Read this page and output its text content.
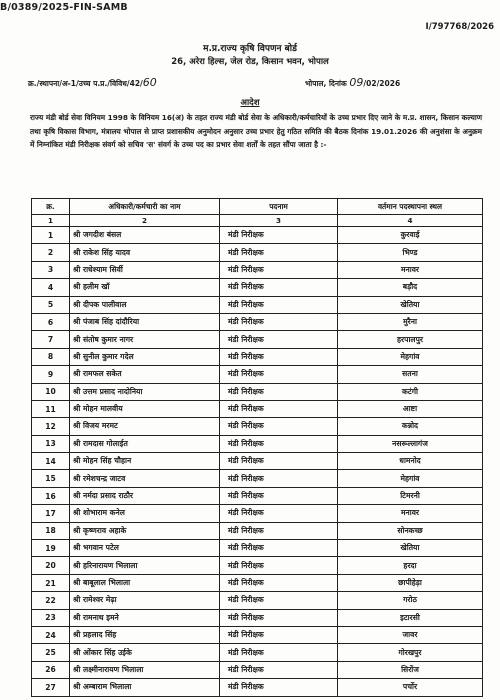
B/0389/2025-FIN-SAMB
I/797768/2026
म.प्र.राज्य कृषि विपणन बोर्ड
26, अरेरा हिल्स, जेल रोड, किसान भवन, भोपाल
क्र./स्थापना/अ-1/उच्च प.प्र./विविध/42/60	भोपाल, दिनांक 09/02/2026
आदेश
राज्य मंडी बोर्ड सेवा विनियम 1998 के विनियम 16(अ) के तहत राज्य मंडी बोर्ड सेवा के अधिकारी/कर्मचारियों के उच्च प्रभार दिए जाने के म.प्र. शासन, किसान कल्याण तथा कृषि विकास विभाग, मंत्रालय भोपाल से प्राप्त प्रशासकीय अनुमोदन अनुसार उच्च प्रभार हेतु गठित समिति की बैठक दिनांक 19.01.2026 की अनुशंसा के अनुक्रम में निम्नांकित मंडी निरीक्षक संवर्ग को सचिव 'स' संवर्ग के उच्च पद का प्रभार सेवा शर्तों के तहत सौंपा जाता है :-
क्र.	अधिकारी/कर्मचारी का नाम	पदनाम	वर्तमान पदस्थापना स्थल
1	2	3	4
1	श्री जगदीश बंसल	मंडी निरीक्षक	कुरवाई
2	श्री राकेश सिंह यादव	मंडी निरीक्षक	भिण्ड
3	श्री राधेश्याम सिर्वी	मंडी निरीक्षक	मनावर
4	श्री हलीम खॉ	मंडी निरीक्षक	बड़ौद
5	श्री दीपक पालीवाल	मंडी निरीक्षक	खेतिया
6	श्री पंजाब सिंह दांदौरिया	मंडी निरीक्षक	मुरैना
7	श्री संतोष कुमार नागर	मंडी निरीक्षक	हरपालपुर
8	श्री सुनील कुमार गदेल	मंडी निरीक्षक	मेहगांव
9	श्री रामफल सकेत	मंडी निरीक्षक	सतना
10	श्री उत्तम प्रसाद नादोनिया	मंडी निरीक्षक	कटंगी
11	श्री मोहन मालवीय	मंडी निरीक्षक	आष्टा
12	श्री विजय मरमट	मंडी निरीक्षक	कन्नोद
13	श्री रामदास गोलाईत	मंडी निरीक्षक	नसरूल्लागंज
14	श्री मोहन सिंह चौहान	मंडी निरीक्षक	धामनोद
15	श्री रमेशचन्द्र जाटव	मंडी निरीक्षक	मेहगांव
16	श्री नर्मदा प्रसाद राठौर	मंडी निरीक्षक	टिमरनी
17	श्री शोभाराम कनेल	मंडी निरीक्षक	मनावर
18	श्री कृष्णराव अहाके	मंडी निरीक्षक	सोनकच्छ
19	श्री भगवान पटेल	मंडी निरीक्षक	खेतिया
20	श्री हरिनारायण भिलाला	मंडी निरीक्षक	हरदा
21	श्री बाबूलाल भिलाला	मंडी निरीक्षक	छापीहेड़ा
22	श्री रामेश्वर मेढ़ा	मंडी निरीक्षक	गरोठ
23	श्री रामनाथ इमने	मंडी निरीक्षक	इटारसी
24	श्री प्रहलाद सिंह	मंडी निरीक्षक	जावर
25	श्री ओंकार सिंह उईके	मंडी निरीक्षक	गोरखपुर
26	श्री लक्ष्मीनारायण भिलाला	मंडी निरीक्षक	सिरोंज
27	श्री अम्बाराम भिलाला	मंडी निरीक्षक	पर्चोर
